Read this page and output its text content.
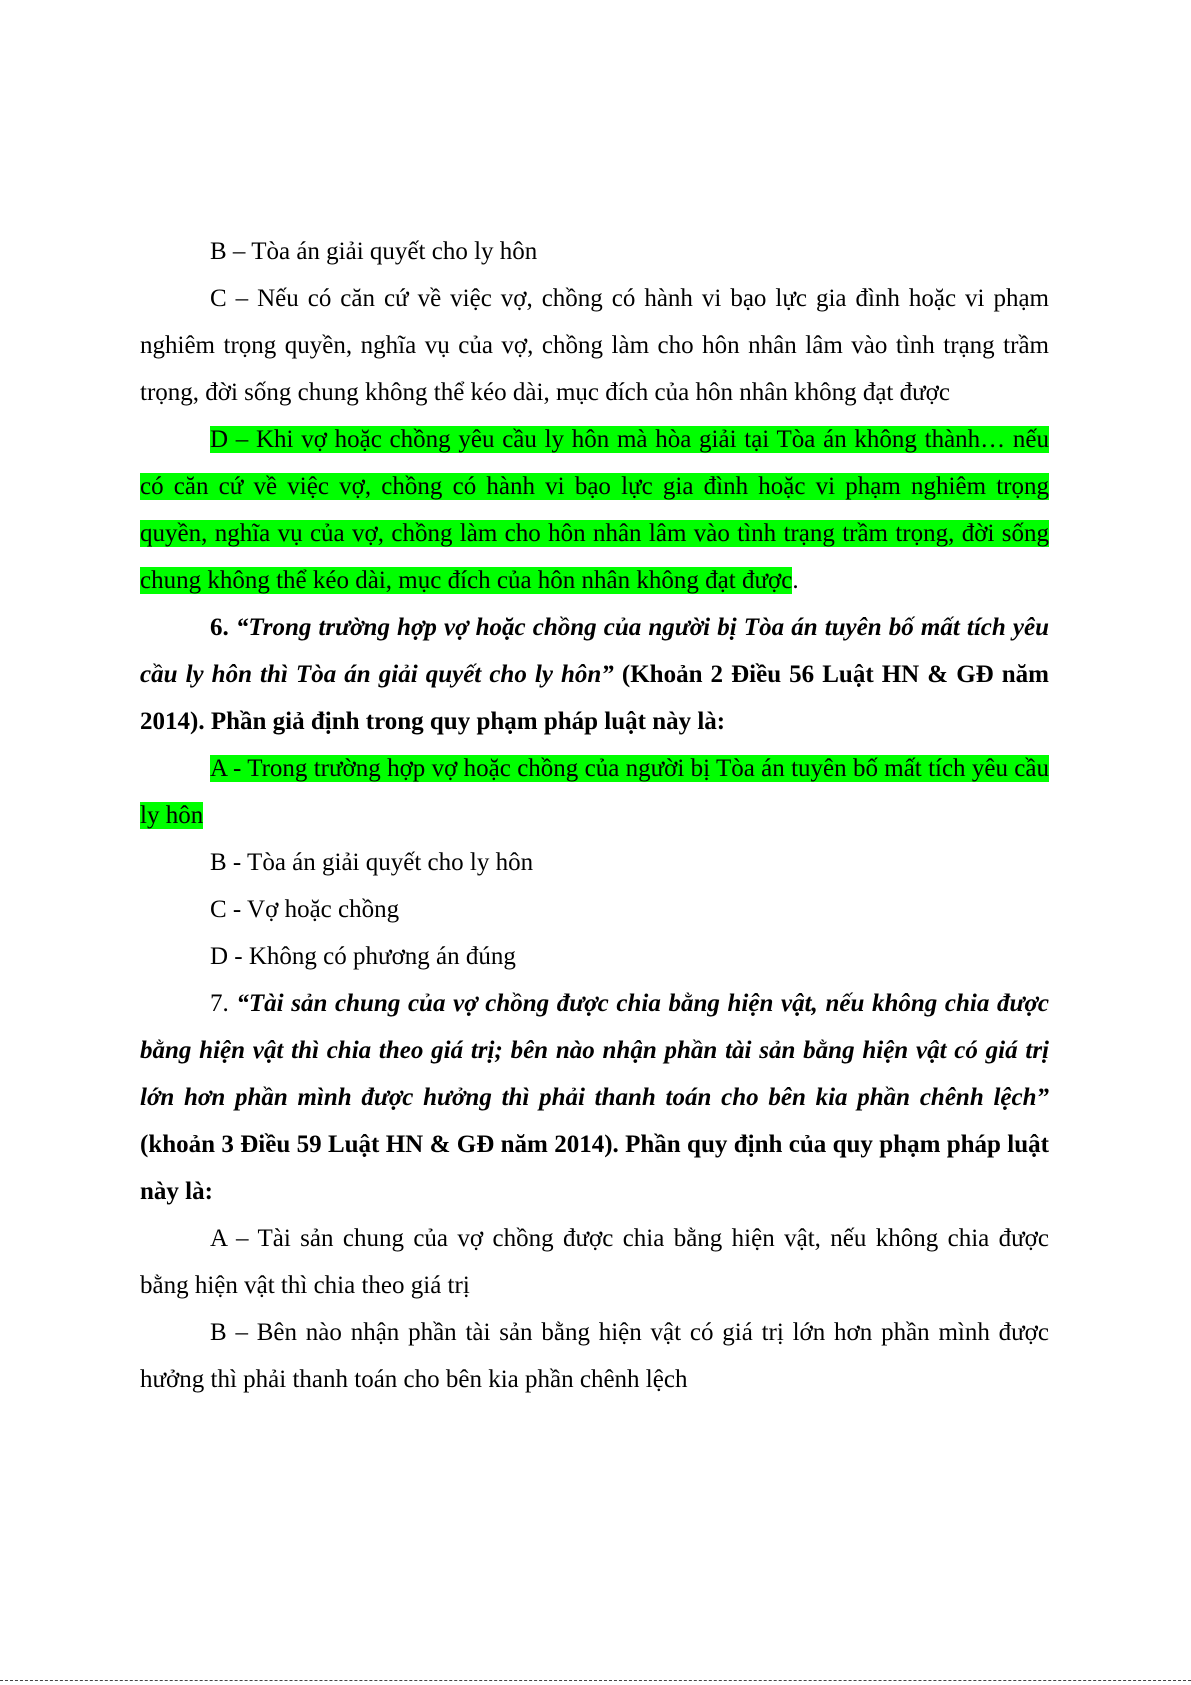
B – Tòa án giải quyết cho ly hôn

C – Nếu có căn cứ về việc vợ, chồng có hành vi bạo lực gia đình hoặc vi phạm nghiêm trọng quyền, nghĩa vụ của vợ, chồng làm cho hôn nhân lâm vào tình trạng trầm trọng, đời sống chung không thể kéo dài, mục đích của hôn nhân không đạt được

D – Khi vợ hoặc chồng yêu cầu ly hôn mà hòa giải tại Tòa án không thành… nếu có căn cứ về việc vợ, chồng có hành vi bạo lực gia đình hoặc vi phạm nghiêm trọng quyền, nghĩa vụ của vợ, chồng làm cho hôn nhân lâm vào tình trạng trầm trọng, đời sống chung không thể kéo dài, mục đích của hôn nhân không đạt được.

6. “Trong trường hợp vợ hoặc chồng của người bị Tòa án tuyên bố mất tích yêu cầu ly hôn thì Tòa án giải quyết cho ly hôn” (Khoản 2 Điều 56 Luật HN & GĐ năm 2014). Phần giả định trong quy phạm pháp luật này là:

A - Trong trường hợp vợ hoặc chồng của người bị Tòa án tuyên bố mất tích yêu cầu ly hôn

B - Tòa án giải quyết cho ly hôn

C - Vợ hoặc chồng

D - Không có phương án đúng

7. “Tài sản chung của vợ chồng được chia bằng hiện vật, nếu không chia được bằng hiện vật thì chia theo giá trị; bên nào nhận phần tài sản bằng hiện vật có giá trị lớn hơn phần mình được hưởng thì phải thanh toán cho bên kia phần chênh lệch” (khoản 3 Điều 59 Luật HN & GĐ năm 2014). Phần quy định của quy phạm pháp luật này là:

A – Tài sản chung của vợ chồng được chia bằng hiện vật, nếu không chia được bằng hiện vật thì chia theo giá trị

B – Bên nào nhận phần tài sản bằng hiện vật có giá trị lớn hơn phần mình được hưởng thì phải thanh toán cho bên kia phần chênh lệch
